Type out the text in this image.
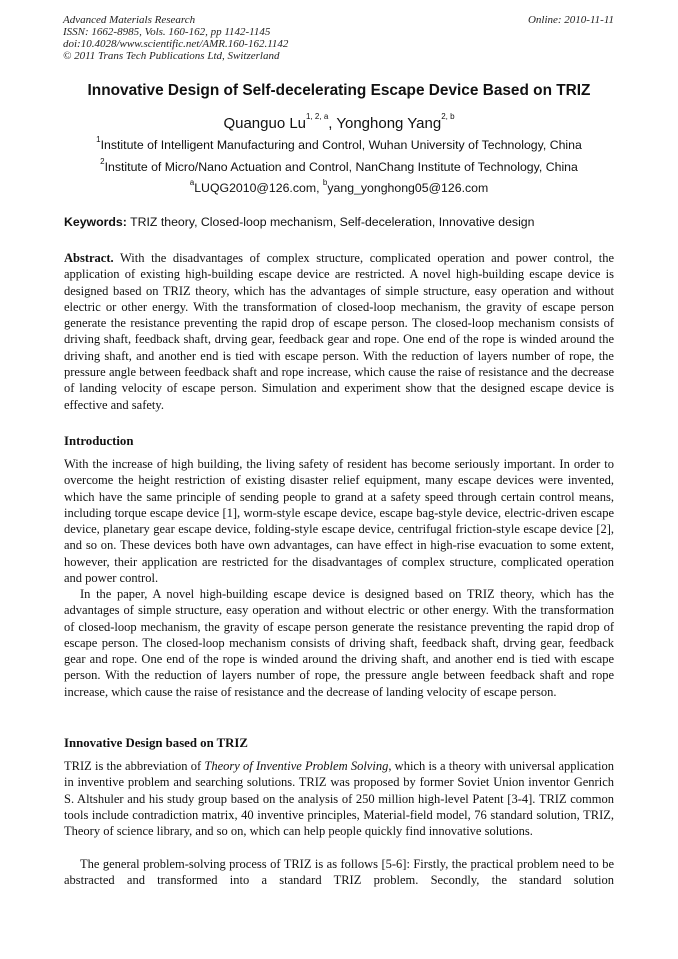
Advanced Materials Research
ISSN: 1662-8985, Vols. 160-162, pp 1142-1145
doi:10.4028/www.scientific.net/AMR.160-162.1142
© 2011 Trans Tech Publications Ltd, Switzerland
Online: 2010-11-11
Innovative Design of Self-decelerating Escape Device Based on TRIZ
Quanguo Lu$^{1, 2, a}$, Yonghong Yang$^{2, b}$
$^1$Institute of Intelligent Manufacturing and Control, Wuhan University of Technology, China
$^2$Institute of Micro/Nano Actuation and Control, NanChang Institute of Technology, China
$^a$LUQG2010@126.com, $^b$yang_yonghong05@126.com
Keywords: TRIZ theory, Closed-loop mechanism, Self-deceleration, Innovative design
Abstract. With the disadvantages of complex structure, complicated operation and power control, the application of existing high-building escape device are restricted. A novel high-building escape device is designed based on TRIZ theory, which has the advantages of simple structure, easy operation and without electric or other energy. With the transformation of closed-loop mechanism, the gravity of escape person generate the resistance preventing the rapid drop of escape person. The closed-loop mechanism consists of driving shaft, feedback shaft, drving gear, feedback gear and rope. One end of the rope is winded around the driving shaft, and another end is tied with escape person. With the reduction of layers number of rope, the pressure angle between feedback shaft and rope increase, which cause the raise of resistance and the decrease of landing velocity of escape person. Simulation and experiment show that the designed escape device is effective and safety.
Introduction
With the increase of high building, the living safety of resident has become seriously important. In order to overcome the height restriction of existing disaster relief equipment, many escape devices were invented, which have the same principle of sending people to grand at a safety speed through certain control means, including torque escape device [1], worm-style escape device, escape bag-style device, electric-driven escape device, planetary gear escape device, folding-style escape device, centrifugal friction-style escape device [2], and so on. These devices both have own advantages, can have effect in high-rise evacuation to some extent, however, their application are restricted for the disadvantages of complex structure, complicated operation and power control.
In the paper, A novel high-building escape device is designed based on TRIZ theory, which has the advantages of simple structure, easy operation and without electric or other energy. With the transformation of closed-loop mechanism, the gravity of escape person generate the resistance preventing the rapid drop of escape person. The closed-loop mechanism consists of driving shaft, feedback shaft, drving gear, feedback gear and rope. One end of the rope is winded around the driving shaft, and another end is tied with escape person. With the reduction of layers number of rope, the pressure angle between feedback shaft and rope increase, which cause the raise of resistance and the decrease of landing velocity of escape person.
Innovative Design based on TRIZ
TRIZ is the abbreviation of Theory of Inventive Problem Solving, which is a theory with universal application in inventive problem and searching solutions. TRIZ was proposed by former Soviet Union inventor Genrich S. Altshuler and his study group based on the analysis of 250 million high-level Patent [3-4]. TRIZ common tools include contradiction matrix, 40 inventive principles, Material-field model, 76 standard solution, TRIZ, Theory of science library, and so on, which can help people quickly find innovative solutions.
The general problem-solving process of TRIZ is as follows [5-6]: Firstly, the practical problem need to be abstracted and transformed into a standard TRIZ problem. Secondly, the standard solution
